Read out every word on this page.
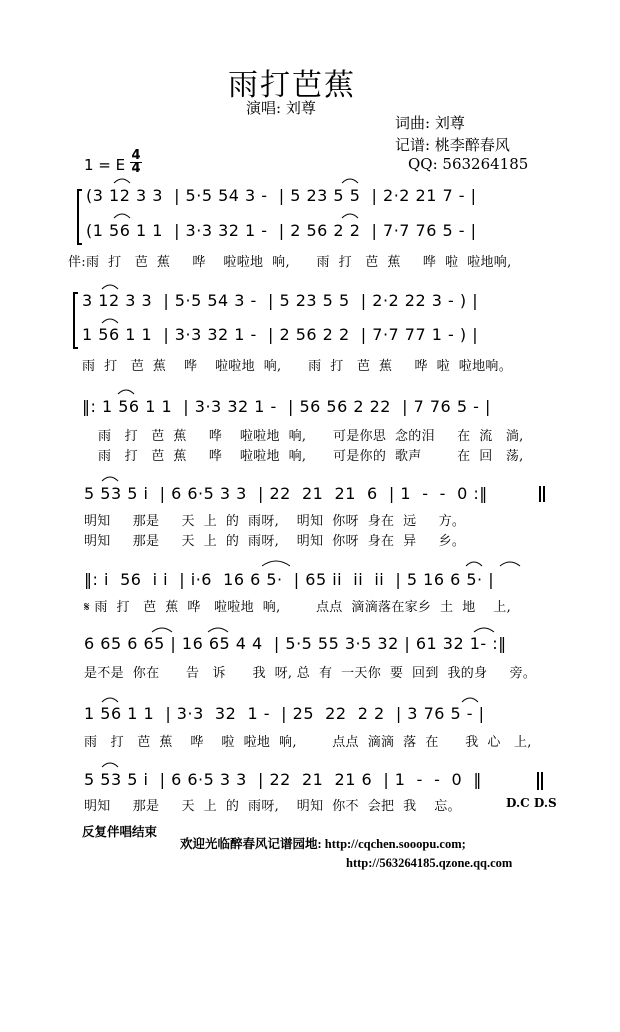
雨打芭蕉
演唱: 刘尊
词曲: 刘尊
记谱: 桃李醉春风
QQ: 563264185
1 = E $\frac{4}{4}$
(3 12 3 3  | 5·5 54 3 -  | 5 23 5 5  | 2·2 21 7 - |
(1 56 1 1  | 3·3 32 1 -  | 2 56 2 2  | 7·7 76 5 - |
伴:雨  打   芭  蕉     哗    啦啦地  响,      雨  打   芭  蕉     哗  啦  啦地响,
3 12 3 3  | 5·5 54 3 -  | 5 23 5 5  | 2·2 22 3 - ) |
1 56 1 1  | 3·3 32 1 -  | 2 56 2 2  | 7·7 77 1 - ) |
雨  打   芭  蕉    哗    啦啦地  响,      雨  打   芭  蕉     哗  啦  啦地响。
‖: 1 56 1 1  | 3·3 32 1 -  | 56 56 2 22  | 7 76 5 - |
雨   打   芭  蕉     哗    啦啦地  响,      可是你思  念的泪     在  流   淌,
雨   打   芭  蕉     哗    啦啦地  响,      可是你的  歌声        在  回   荡,
5 53 5 i  | 6 6·5 3 3  | 22  21  21  6  | 1  -  -  0 :‖
明知     那是     天  上  的  雨呀,    明知  你呀  身在  远     方。
明知     那是     天  上  的  雨呀,    明知  你呀  身在  异     乡。
‖: i  56  i i  | i·6  16 6 5·  | 65 ii  ii  ii  | 5 16 6 5· |
𝄋 雨  打   芭  蕉  哗   啦啦地  响,        点点  滴滴落在家乡  土  地    上,
6 65 6 65 | 16 65 4 4  | 5·5 55 3·5 32 | 61 32 1- :‖
是不是  你在      告   诉      我  呀, 总  有  一天你  要  回到  我的身     旁。
1 56 1 1  | 3·3  32  1 -  | 25  22  2 2  | 3 76 5 - |
雨   打   芭  蕉    哗    啦  啦地  响,        点点  滴滴  落  在      我  心   上,
5 53 5 i  | 6 6·5 3 3  | 22  21  21 6  | 1  -  -  0  ‖
明知     那是     天  上  的  雨呀,    明知  你不  会把  我    忘。	D.C D.S
反复伴唱结束
欢迎光临醉春风记谱园地: http://cqchen.sooopu.com;
http://563264185.qzone.qq.com
